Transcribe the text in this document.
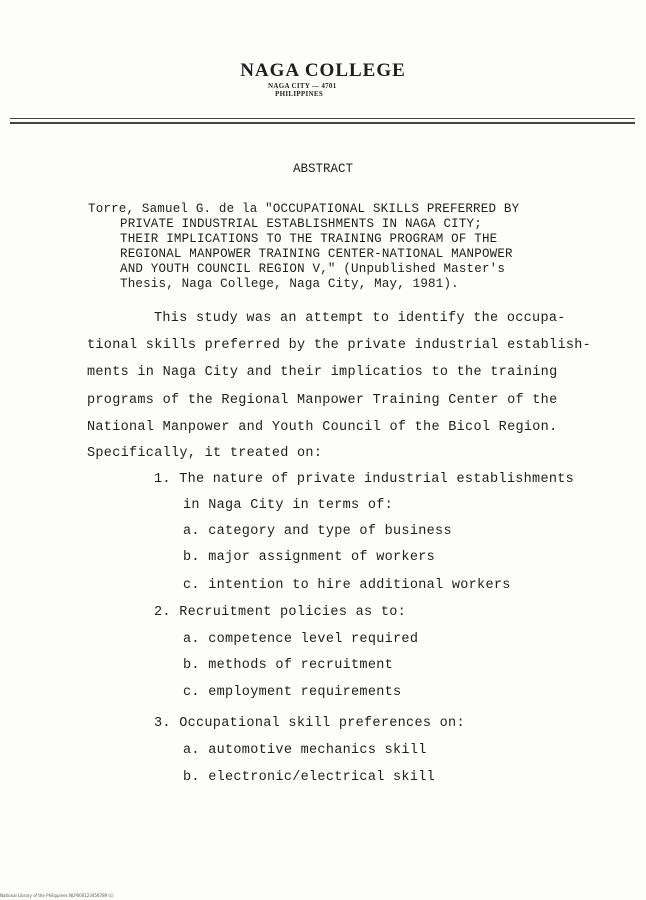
NAGA COLLEGE
NAGA CITY — 4701
PHILIPPINES
ABSTRACT
Torre, Samuel G. de la "OCCUPATIONAL SKILLS PREFERRED BY
PRIVATE INDUSTRIAL ESTABLISHMENTS IN NAGA CITY;
THEIR IMPLICATIONS TO THE TRAINING PROGRAM OF THE
REGIONAL MANPOWER TRAINING CENTER-NATIONAL MANPOWER
AND YOUTH COUNCIL REGION V," (Unpublished Master's
Thesis, Naga College, Naga City, May, 1981).
This study was an attempt to identify the occupa-
tional skills preferred by the private industrial establish-
ments in Naga City and their implicatios to the training
programs of the Regional Manpower Training Center of the
National Manpower and Youth Council of the Bicol Region.
Specifically, it treated on:
1. The nature of private industrial establishments
in Naga City in terms of:
a. category and type of business
b. major assignment of workers
c. intention to hire additional workers
2. Recruitment policies as to:
a. competence level required
b. methods of recruitment
c. employment requirements
3. Occupational skill preferences on:
a. automotive mechanics skill
b. electronic/electrical skill
National Library of the Philippines NLP000123456789 (c)
